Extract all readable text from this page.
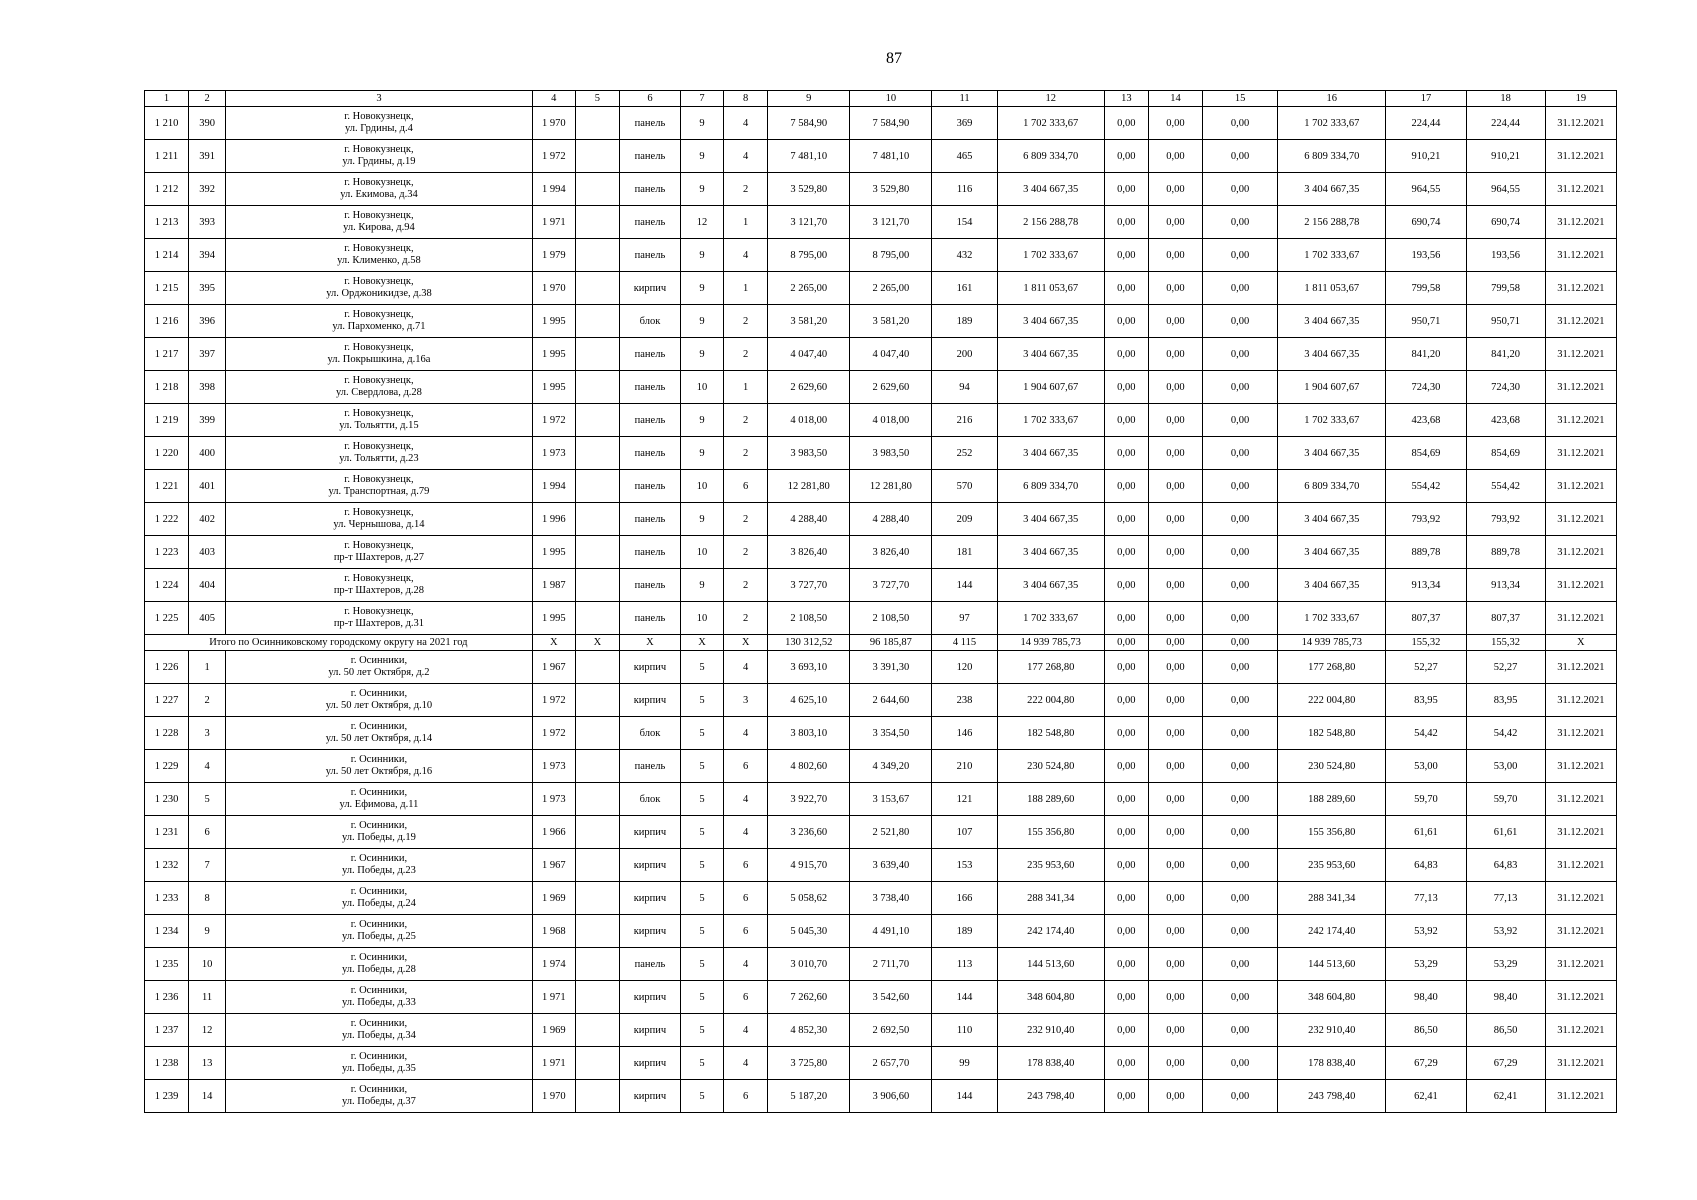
87
1	2	3	4	5	6	7	8	9	10	11	12	13	14	15	16	17	18	19
1 210	390	г. Новокузнецк,
ул. Грдины, д.4	1 970		панель	9	4	7 584,90	7 584,90	369	1 702 333,67	0,00	0,00	0,00	1 702 333,67	224,44	224,44	31.12.2021
1 211	391	г. Новокузнецк,
ул. Грдины, д.19	1 972		панель	9	4	7 481,10	7 481,10	465	6 809 334,70	0,00	0,00	0,00	6 809 334,70	910,21	910,21	31.12.2021
1 212	392	г. Новокузнецк,
ул. Екимова, д.34	1 994		панель	9	2	3 529,80	3 529,80	116	3 404 667,35	0,00	0,00	0,00	3 404 667,35	964,55	964,55	31.12.2021
1 213	393	г. Новокузнецк,
ул. Кирова, д.94	1 971		панель	12	1	3 121,70	3 121,70	154	2 156 288,78	0,00	0,00	0,00	2 156 288,78	690,74	690,74	31.12.2021
1 214	394	г. Новокузнецк,
ул. Клименко, д.58	1 979		панель	9	4	8 795,00	8 795,00	432	1 702 333,67	0,00	0,00	0,00	1 702 333,67	193,56	193,56	31.12.2021
1 215	395	г. Новокузнецк,
ул. Орджоникидзе, д.38	1 970		кирпич	9	1	2 265,00	2 265,00	161	1 811 053,67	0,00	0,00	0,00	1 811 053,67	799,58	799,58	31.12.2021
1 216	396	г. Новокузнецк,
ул. Пархоменко, д.71	1 995		блок	9	2	3 581,20	3 581,20	189	3 404 667,35	0,00	0,00	0,00	3 404 667,35	950,71	950,71	31.12.2021
1 217	397	г. Новокузнецк,
ул. Покрышкина, д.16а	1 995		панель	9	2	4 047,40	4 047,40	200	3 404 667,35	0,00	0,00	0,00	3 404 667,35	841,20	841,20	31.12.2021
1 218	398	г. Новокузнецк,
ул. Свердлова, д.28	1 995		панель	10	1	2 629,60	2 629,60	94	1 904 607,67	0,00	0,00	0,00	1 904 607,67	724,30	724,30	31.12.2021
1 219	399	г. Новокузнецк,
ул. Тольятти, д.15	1 972		панель	9	2	4 018,00	4 018,00	216	1 702 333,67	0,00	0,00	0,00	1 702 333,67	423,68	423,68	31.12.2021
1 220	400	г. Новокузнецк,
ул. Тольятти, д.23	1 973		панель	9	2	3 983,50	3 983,50	252	3 404 667,35	0,00	0,00	0,00	3 404 667,35	854,69	854,69	31.12.2021
1 221	401	г. Новокузнецк,
ул. Транспортная, д.79	1 994		панель	10	6	12 281,80	12 281,80	570	6 809 334,70	0,00	0,00	0,00	6 809 334,70	554,42	554,42	31.12.2021
1 222	402	г. Новокузнецк,
ул. Чернышова, д.14	1 996		панель	9	2	4 288,40	4 288,40	209	3 404 667,35	0,00	0,00	0,00	3 404 667,35	793,92	793,92	31.12.2021
1 223	403	г. Новокузнецк,
пр-т Шахтеров, д.27	1 995		панель	10	2	3 826,40	3 826,40	181	3 404 667,35	0,00	0,00	0,00	3 404 667,35	889,78	889,78	31.12.2021
1 224	404	г. Новокузнецк,
пр-т Шахтеров, д.28	1 987		панель	9	2	3 727,70	3 727,70	144	3 404 667,35	0,00	0,00	0,00	3 404 667,35	913,34	913,34	31.12.2021
1 225	405	г. Новокузнецк,
пр-т Шахтеров, д.31	1 995		панель	10	2	2 108,50	2 108,50	97	1 702 333,67	0,00	0,00	0,00	1 702 333,67	807,37	807,37	31.12.2021
Итого по Осинниковскому городскому округу на 2021 год			X	X	X	X	X	130 312,52	96 185,87	4 115	14 939 785,73	0,00	0,00	0,00	14 939 785,73	155,32	155,32	X
1 226	1	г. Осинники,
ул. 50 лет Октября, д.2	1 967		кирпич	5	4	3 693,10	3 391,30	120	177 268,80	0,00	0,00	0,00	177 268,80	52,27	52,27	31.12.2021
1 227	2	г. Осинники,
ул. 50 лет Октября, д.10	1 972		кирпич	5	3	4 625,10	2 644,60	238	222 004,80	0,00	0,00	0,00	222 004,80	83,95	83,95	31.12.2021
1 228	3	г. Осинники,
ул. 50 лет Октября, д.14	1 972		блок	5	4	3 803,10	3 354,50	146	182 548,80	0,00	0,00	0,00	182 548,80	54,42	54,42	31.12.2021
1 229	4	г. Осинники,
ул. 50 лет Октября, д.16	1 973		панель	5	6	4 802,60	4 349,20	210	230 524,80	0,00	0,00	0,00	230 524,80	53,00	53,00	31.12.2021
1 230	5	г. Осинники,
ул. Ефимова, д.11	1 973		блок	5	4	3 922,70	3 153,67	121	188 289,60	0,00	0,00	0,00	188 289,60	59,70	59,70	31.12.2021
1 231	6	г. Осинники,
ул. Победы, д.19	1 966		кирпич	5	4	3 236,60	2 521,80	107	155 356,80	0,00	0,00	0,00	155 356,80	61,61	61,61	31.12.2021
1 232	7	г. Осинники,
ул. Победы, д.23	1 967		кирпич	5	6	4 915,70	3 639,40	153	235 953,60	0,00	0,00	0,00	235 953,60	64,83	64,83	31.12.2021
1 233	8	г. Осинники,
ул. Победы, д.24	1 969		кирпич	5	6	5 058,62	3 738,40	166	288 341,34	0,00	0,00	0,00	288 341,34	77,13	77,13	31.12.2021
1 234	9	г. Осинники,
ул. Победы, д.25	1 968		кирпич	5	6	5 045,30	4 491,10	189	242 174,40	0,00	0,00	0,00	242 174,40	53,92	53,92	31.12.2021
1 235	10	г. Осинники,
ул. Победы, д.28	1 974		панель	5	4	3 010,70	2 711,70	113	144 513,60	0,00	0,00	0,00	144 513,60	53,29	53,29	31.12.2021
1 236	11	г. Осинники,
ул. Победы, д.33	1 971		кирпич	5	6	7 262,60	3 542,60	144	348 604,80	0,00	0,00	0,00	348 604,80	98,40	98,40	31.12.2021
1 237	12	г. Осинники,
ул. Победы, д.34	1 969		кирпич	5	4	4 852,30	2 692,50	110	232 910,40	0,00	0,00	0,00	232 910,40	86,50	86,50	31.12.2021
1 238	13	г. Осинники,
ул. Победы, д.35	1 971		кирпич	5	4	3 725,80	2 657,70	99	178 838,40	0,00	0,00	0,00	178 838,40	67,29	67,29	31.12.2021
1 239	14	г. Осинники,
ул. Победы, д.37	1 970		кирпич	5	6	5 187,20	3 906,60	144	243 798,40	0,00	0,00	0,00	243 798,40	62,41	62,41	31.12.2021
